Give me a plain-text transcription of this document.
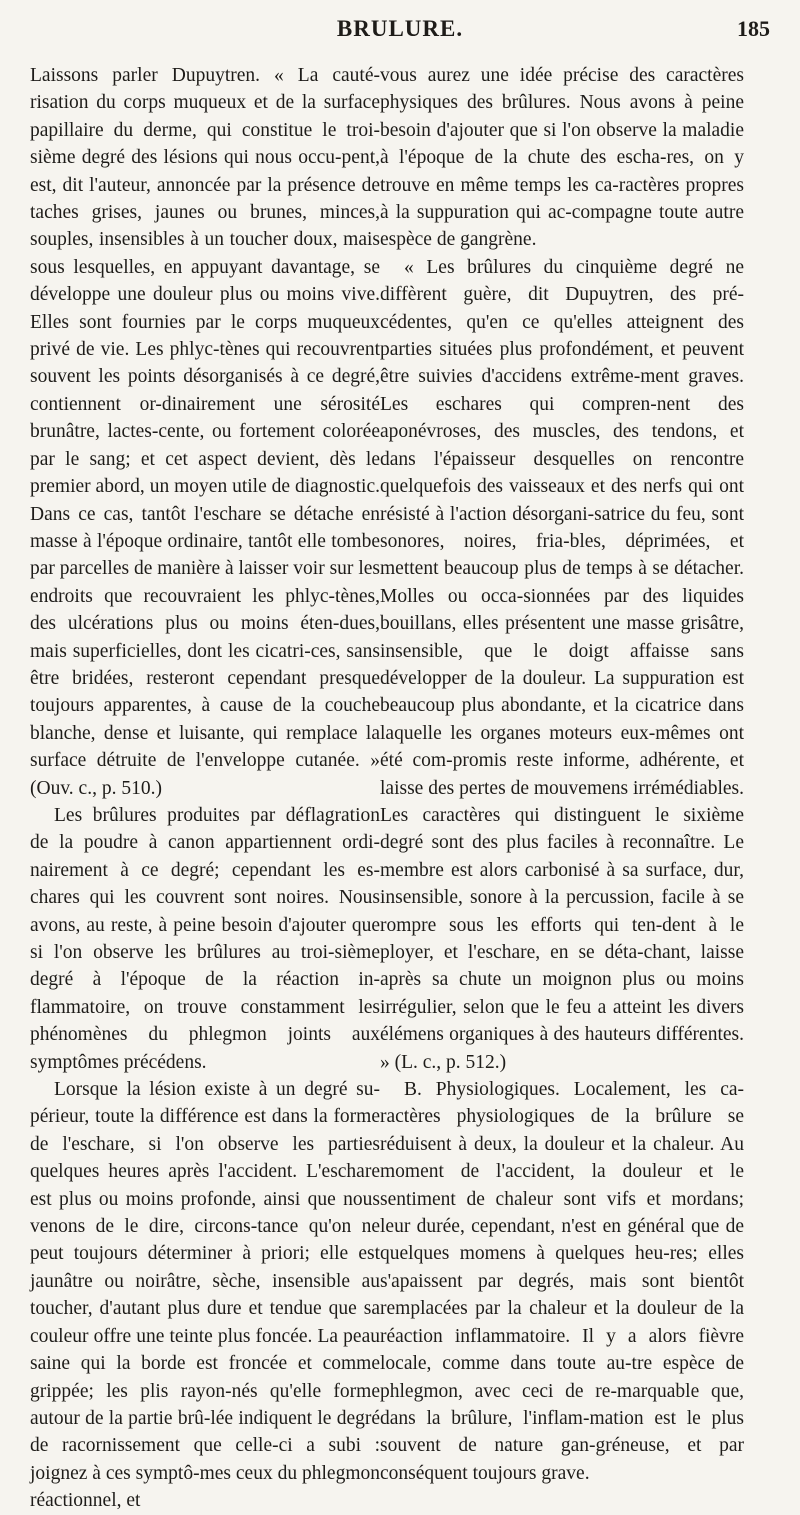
BRULURE.	185

Laissons parler Dupuytren. « La cauté-risation du corps muqueux et de la surface papillaire du derme, qui constitue le troi-sième degré des lésions qui nous occu-pent, est, dit l'auteur, annoncée par la présence de taches grises, jaunes ou brunes, minces, souples, insensibles à un toucher doux, mais sous lesquelles, en appuyant davantage, se développe une douleur plus ou moins vive. Elles sont fournies par le corps muqueux privé de vie. Les phlyc-tènes qui recouvrent souvent les points désorganisés à ce degré, contiennent or-dinairement une sérosité brunâtre, lactes-cente, ou fortement colorée par le sang; et cet aspect devient, dès le premier abord, un moyen utile de diagnostic. Dans ce cas, tantôt l'eschare se détache en masse à l'époque ordinaire, tantôt elle tombe par parcelles de manière à laisser voir sur les endroits que recouvraient les phlyc-tènes, des ulcérations plus ou moins éten-dues, mais superficielles, dont les cicatri-ces, sans être bridées, resteront cependant presque toujours apparentes, à cause de la couche blanche, dense et luisante, qui remplace la surface détruite de l'enveloppe cutanée. » (Ouv. c., p. 510.)

Les brûlures produites par déflagration de la poudre à canon appartiennent ordi-nairement à ce degré; cependant les es-chares qui les couvrent sont noires. Nous avons, au reste, à peine besoin d'ajouter que si l'on observe les brûlures au troi-sième degré à l'époque de la réaction in-flammatoire, on trouve constamment les phénomènes du phlegmon joints aux symptômes précédens.

Lorsque la lésion existe à un degré su-périeur, toute la différence est dans la forme de l'eschare, si l'on observe les parties quelques heures après l'accident. L'eschare est plus ou moins profonde, ainsi que nous venons de le dire, circons-tance qu'on ne peut toujours déterminer à priori; elle est jaunâtre ou noirâtre, sèche, insensible au toucher, d'autant plus dure et tendue que sa couleur offre une teinte plus foncée. La peau saine qui la borde est froncée et comme grippée; les plis rayon-nés qu'elle forme autour de la partie brû-lée indiquent le degré de racornissement que celle-ci a subi : joignez à ces symptô-mes ceux du phlegmon réactionnel, et

vous aurez une idée précise des caractères physiques des brûlures. Nous avons à peine besoin d'ajouter que si l'on observe la maladie à l'époque de la chute des escha-res, on y trouve en même temps les ca-ractères propres à la suppuration qui ac-compagne toute autre espèce de gangrène.

« Les brûlures du cinquième degré ne diffèrent guère, dit Dupuytren, des pré-cédentes, qu'en ce qu'elles atteignent des parties situées plus profondément, et peuvent être suivies d'accidens extrême-ment graves. Les eschares qui compren-nent des aponévroses, des muscles, des tendons, et dans l'épaisseur desquelles on rencontre quelquefois des vaisseaux et des nerfs qui ont résisté à l'action désorgani-satrice du feu, sont sonores, noires, fria-bles, déprimées, et mettent beaucoup plus de temps à se détacher. Molles ou occa-sionnées par des liquides bouillans, elles présentent une masse grisâtre, insensible, que le doigt affaisse sans développer de la douleur. La suppuration est beaucoup plus abondante, et la cicatrice dans laquelle les organes moteurs eux-mêmes ont été com-promis reste informe, adhérente, et laisse des pertes de mouvemens irrémédiables. Les caractères qui distinguent le sixième degré sont des plus faciles à reconnaître. Le membre est alors carbonisé à sa surface, dur, insensible, sonore à la percussion, facile à se rompre sous les efforts qui ten-dent à le ployer, et l'eschare, en se déta-chant, laisse après sa chute un moignon plus ou moins irrégulier, selon que le feu a atteint les divers élémens organiques à des hauteurs différentes. » (L. c., p. 512.)

B. Physiologiques. Localement, les ca-ractères physiologiques de la brûlure se réduisent à deux, la douleur et la chaleur. Au moment de l'accident, la douleur et le sentiment de chaleur sont vifs et mordans; leur durée, cependant, n'est en général que de quelques momens à quelques heu-res; elles s'apaissent par degrés, mais sont bientôt remplacées par la chaleur et la douleur de la réaction inflammatoire. Il y a alors fièvre locale, comme dans toute au-tre espèce de phlegmon, avec ceci de re-marquable que, dans la brûlure, l'inflam-mation est le plus souvent de nature gan-gréneuse, et par conséquent toujours grave.
